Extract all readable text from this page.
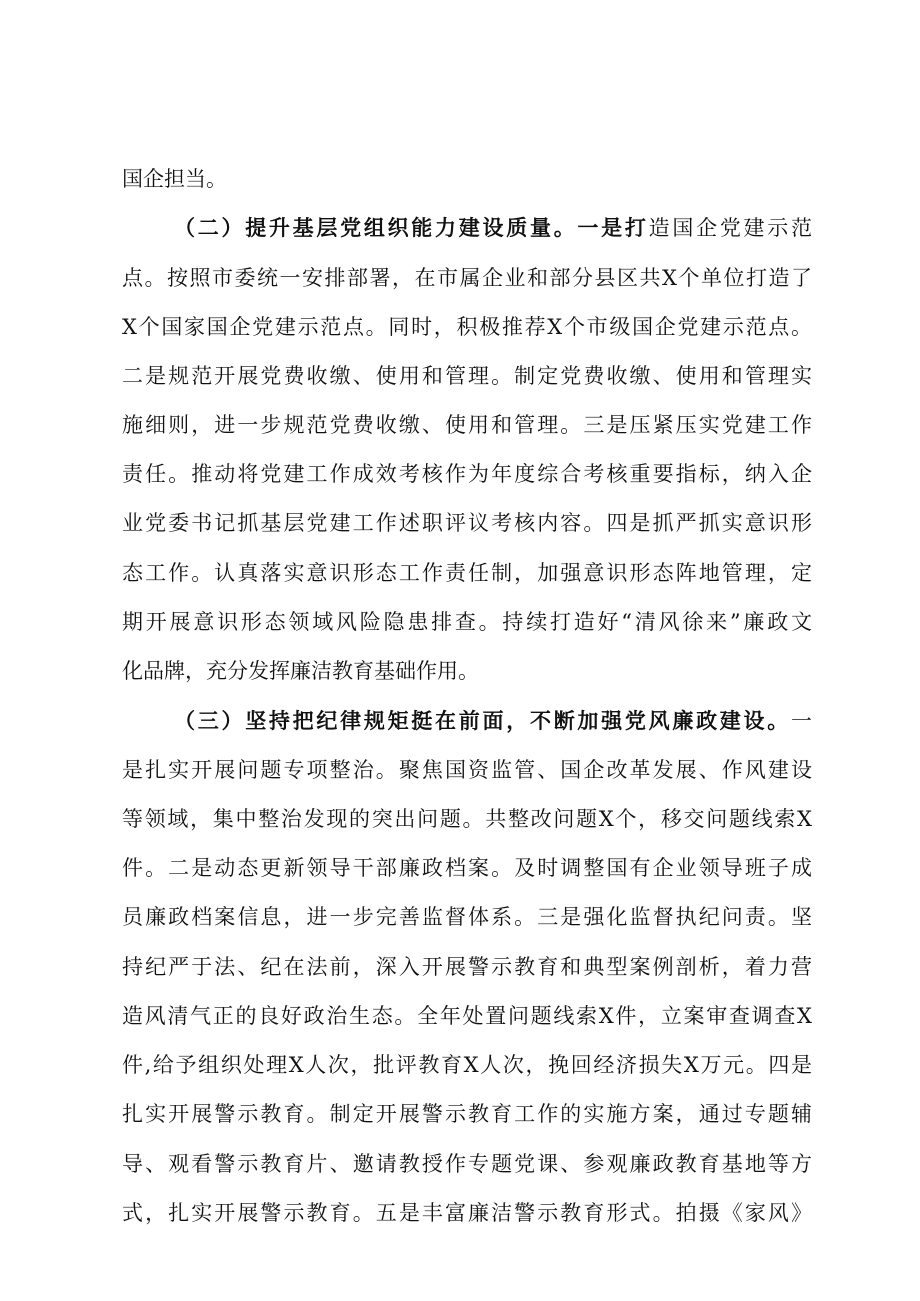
国企担当。
（二）提升基层党组织能力建设质量。一是打造国企党建示范
点。按照市委统一安排部署，在市属企业和部分县区共X个单位打造了
X个国家国企党建示范点。同时，积极推荐X个市级国企党建示范点。
二是规范开展党费收缴、使用和管理。制定党费收缴、使用和管理实
施细则，进一步规范党费收缴、使用和管理。三是压紧压实党建工作
责任。推动将党建工作成效考核作为年度综合考核重要指标，纳入企
业党委书记抓基层党建工作述职评议考核内容。四是抓严抓实意识形
态工作。认真落实意识形态工作责任制，加强意识形态阵地管理，定
期开展意识形态领域风险隐患排查。持续打造好“清风徐来”廉政文
化品牌，充分发挥廉洁教育基础作用。
（三）坚持把纪律规矩挺在前面，不断加强党风廉政建设。一
是扎实开展问题专项整治。聚焦国资监管、国企改革发展、作风建设
等领域，集中整治发现的突出问题。共整改问题X个，移交问题线索X
件。二是动态更新领导干部廉政档案。及时调整国有企业领导班子成
员廉政档案信息，进一步完善监督体系。三是强化监督执纪问责。坚
持纪严于法、纪在法前，深入开展警示教育和典型案例剖析，着力营
造风清气正的良好政治生态。全年处置问题线索X件，立案审查调查X
件,给予组织处理X人次，批评教育X人次，挽回经济损失X万元。四是
扎实开展警示教育。制定开展警示教育工作的实施方案，通过专题辅
导、观看警示教育片、邀请教授作专题党课、参观廉政教育基地等方
式，扎实开展警示教育。五是丰富廉洁警示教育形式。拍摄《家风》
